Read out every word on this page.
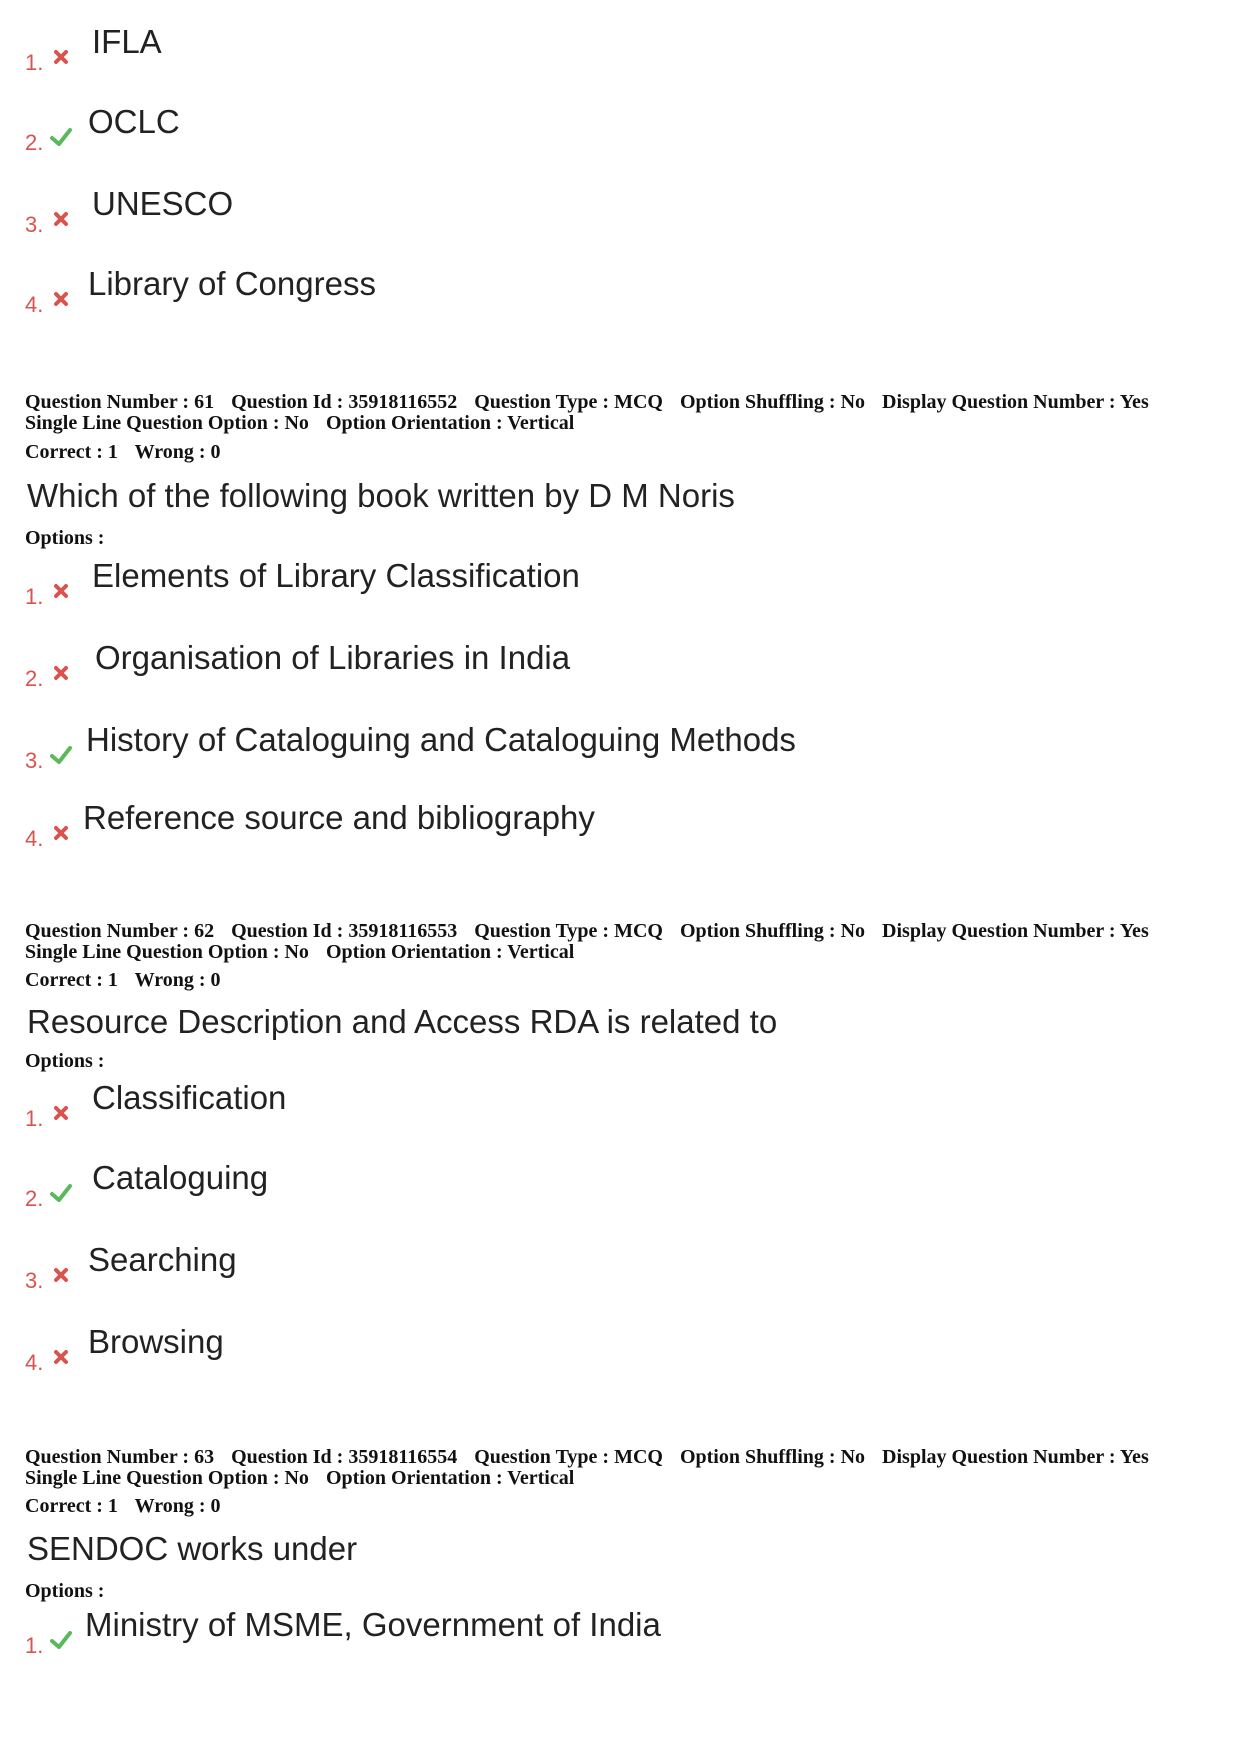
1.
IFLA
2.
OCLC
3.
UNESCO
4.
Library of Congress
Question Number : 61 Question Id : 35918116552 Question Type : MCQ Option Shuffling : No Display Question Number : Yes
Single Line Question Option : No Option Orientation : Vertical
Correct : 1 Wrong : 0
Which of the following book written by D M Noris
Options :
1.
Elements of Library Classification
2.
Organisation of Libraries in India
3.
History of Cataloguing and Cataloguing Methods
4.
Reference source and bibliography
Question Number : 62 Question Id : 35918116553 Question Type : MCQ Option Shuffling : No Display Question Number : Yes
Single Line Question Option : No Option Orientation : Vertical
Correct : 1 Wrong : 0
Resource Description and Access RDA is related to
Options :
1.
Classification
2.
Cataloguing
3.
Searching
4.
Browsing
Question Number : 63 Question Id : 35918116554 Question Type : MCQ Option Shuffling : No Display Question Number : Yes
Single Line Question Option : No Option Orientation : Vertical
Correct : 1 Wrong : 0
SENDOC works under
Options :
1.
Ministry of MSME, Government of India
